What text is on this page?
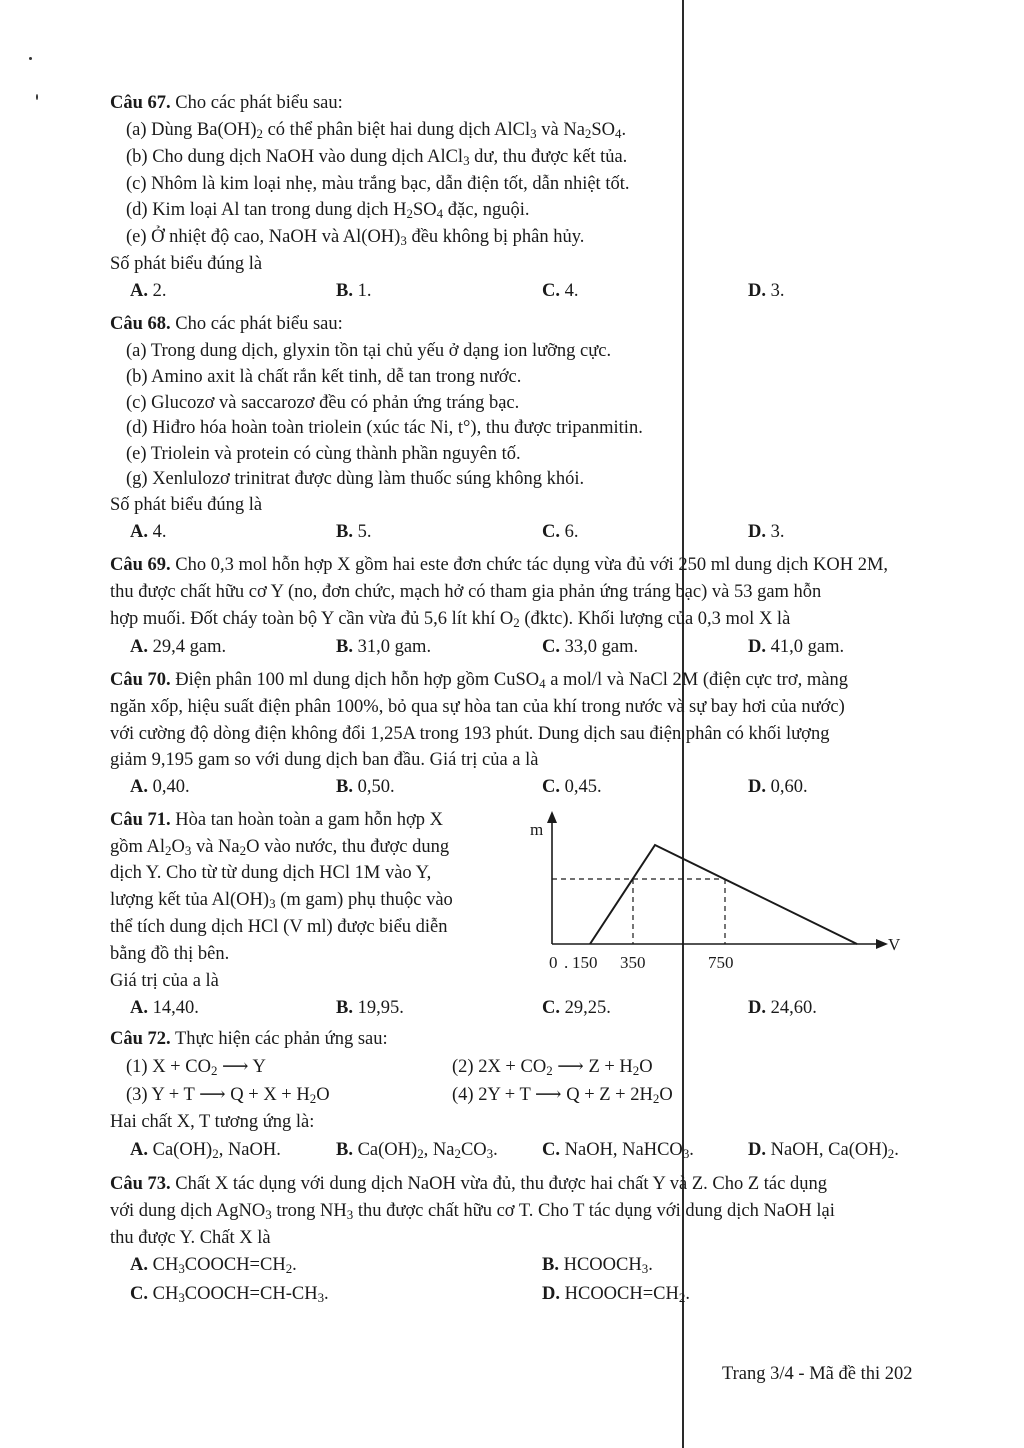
Câu 67. Cho các phát biểu sau:
(a) Dùng $Ba(OH)_2$ có thể phân biệt hai dung dịch AlCl$_3$ và $Na_2SO_4$.
(b) Cho dung dịch NaOH vào dung dịch AlCl$_3$ dư, thu được kết tủa.
(c) Nhôm là kim loại nhẹ, màu trắng bạc, dẫn điện tốt, dẫn nhiệt tốt.
(d) Kim loại Al tan trong dung dịch $H_2SO_4$ đặc, nguội.
(e) Ở nhiệt độ cao, NaOH và $Al(OH)_3$ đều không bị phân hủy.
Số phát biểu đúng là
A. 2.	B. 1.	C. 4.	D. 3.
Câu 68. Cho các phát biểu sau:
(a) Trong dung dịch, glyxin tồn tại chủ yếu ở dạng ion lưỡng cực.
(b) Amino axit là chất rắn kết tinh, dễ tan trong nước.
(c) Glucozơ và saccarozơ đều có phản ứng tráng bạc.
(d) Hiđro hóa hoàn toàn triolein (xúc tác Ni, t°), thu được tripanmitin.
(e) Triolein và protein có cùng thành phần nguyên tố.
(g) Xenlulozơ trinitrat được dùng làm thuốc súng không khói.
Số phát biểu đúng là
A. 4.	B. 5.	C. 6.	D. 3.
Câu 69. Cho 0,3 mol hỗn hợp X gồm hai este đơn chức tác dụng vừa đủ với 250 ml dung dịch KOH 2M,
thu được chất hữu cơ Y (no, đơn chức, mạch hở có tham gia phản ứng tráng bạc) và 53 gam hỗn
hợp muối. Đốt cháy toàn bộ Y cần vừa đủ 5,6 lít khí $O_2$ (đktc). Khối lượng của 0,3 mol X là
A. 29,4 gam.	B. 31,0 gam.	C. 33,0 gam.	D. 41,0 gam.
Câu 70. Điện phân 100 ml dung dịch hỗn hợp gồm CuSO$_4$ a mol/l và NaCl 2M (điện cực trơ, màng
ngăn xốp, hiệu suất điện phân 100%, bỏ qua sự hòa tan của khí trong nước và sự bay hơi của nước)
với cường độ dòng điện không đổi 1,25A trong 193 phút. Dung dịch sau điện phân có khối lượng
giảm 9,195 gam so với dung dịch ban đầu. Giá trị của a là
A. 0,40.	B. 0,50.	C. 0,45.	D. 0,60.
Câu 71. Hòa tan hoàn toàn a gam hỗn hợp X
gồm $Al_2O_3$ và $Na_2O$ vào nước, thu được dung
dịch Y. Cho từ từ dung dịch HCl 1M vào Y,
lượng kết tủa $Al(OH)_3$ (m gam) phụ thuộc vào
thể tích dung dịch HCl (V ml) được biểu diễn
bằng đồ thị bên.
Giá trị của a là
m
V
0 . 150 350	750
A. 14,40.	B. 19,95.	C. 29,25.	D. 24,60.
Câu 72. Thực hiện các phản ứng sau:
(1) $X + CO_2$ ⟶ Y	(2) $2X + CO_2$ ⟶ $Z + H_2O$
(3) Y + T ⟶ $Q + X + H_2O$	(4) 2Y + T ⟶ $Q + Z + 2H_2O$
Hai chất X, T tương ứng là:
A. $Ca(OH)_2$, NaOH.	B. $Ca(OH)_2$, $Na_2CO_3$. C. NaOH, NaHCO$_3$.	D. NaOH, $Ca(OH)_2$.
Câu 73. Chất X tác dụng với dung dịch NaOH vừa đủ, thu được hai chất Y và Z. Cho Z tác dụng
với dung dịch AgNO$_3$ trong $NH_3$ thu được chất hữu cơ T. Cho T tác dụng với dung dịch NaOH lại
thu được Y. Chất X là
A. $CH_3COOCH=CH_2$.	B. $HCOOCH_3$.
C. $CH_3COOCH=CH-CH_3$.	D. $HCOOCH=CH_2$.
Trang 3/4 - Mã đề thi 202
